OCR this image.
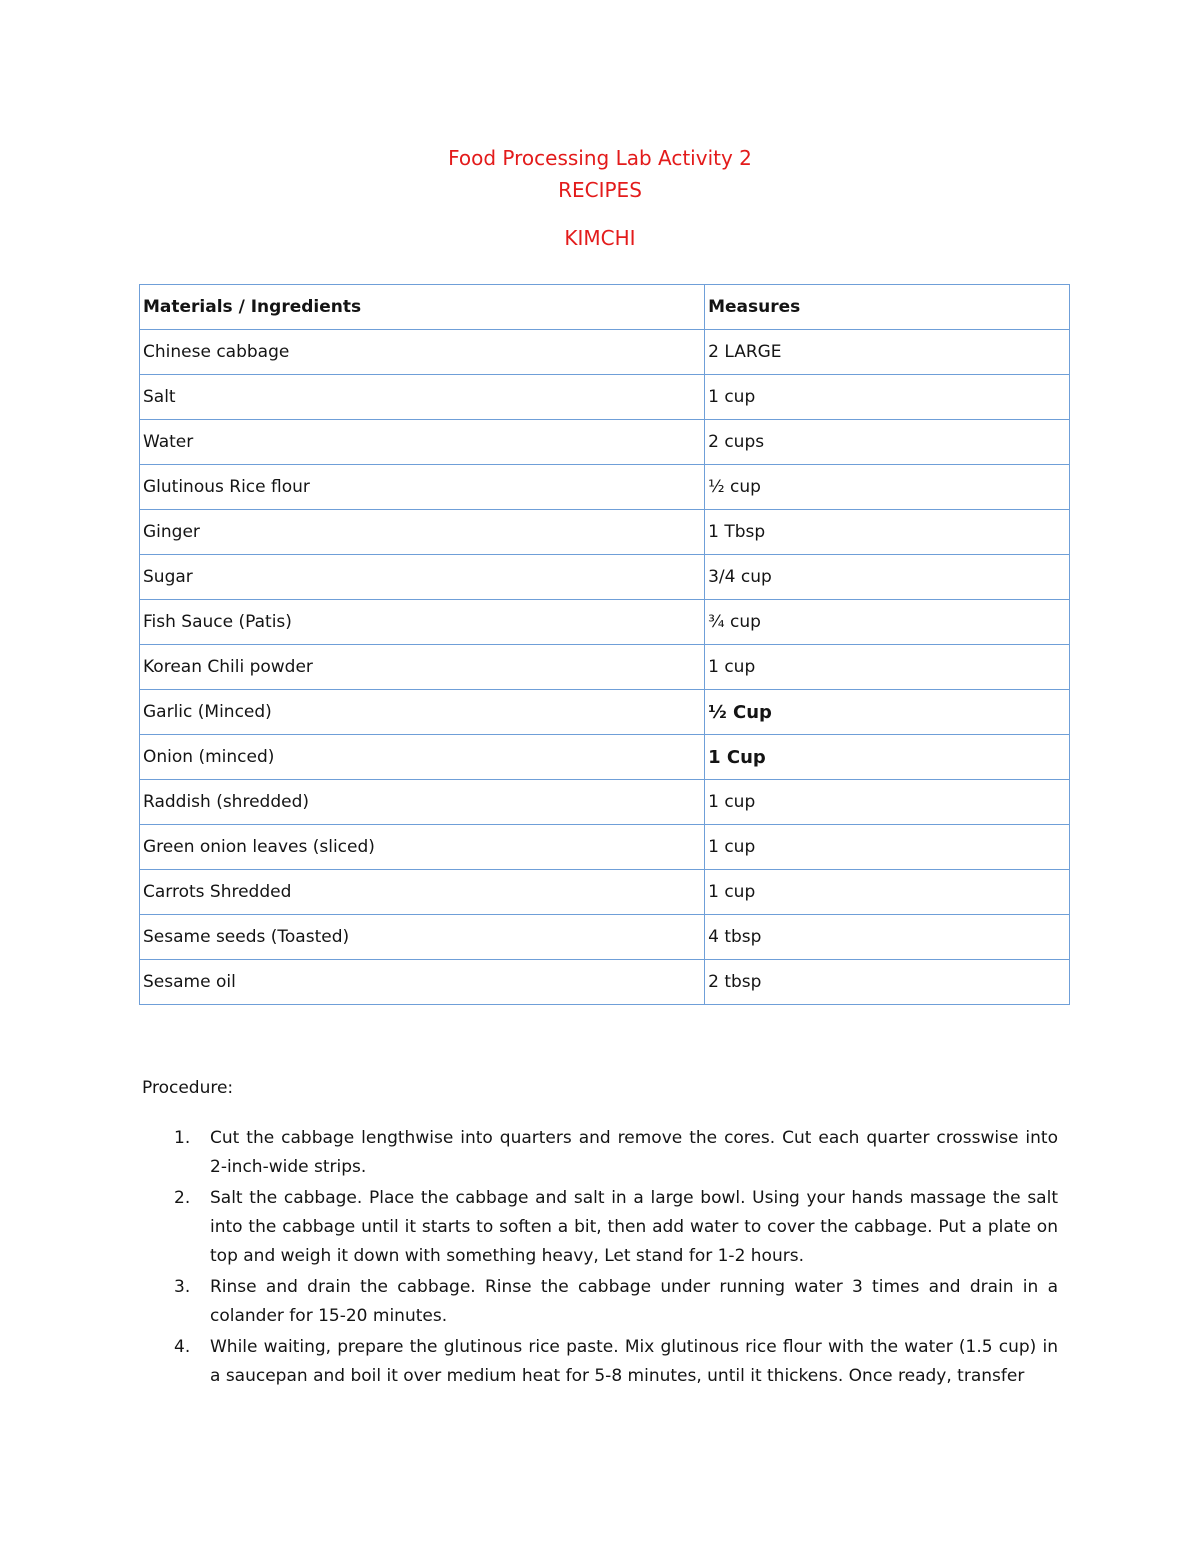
Food Processing Lab Activity 2
RECIPES
KIMCHI
Materials / Ingredients	Measures
Chinese cabbage	2 LARGE
Salt	1 cup
Water	2 cups
Glutinous Rice flour	½ cup
Ginger	1 Tbsp
Sugar	3/4 cup
Fish Sauce (Patis)	¾ cup
Korean Chili powder	1 cup
Garlic (Minced)	½ Cup
Onion (minced)	1 Cup
Raddish (shredded)	1 cup
Green onion leaves (sliced)	1 cup
Carrots Shredded	1 cup
Sesame seeds (Toasted)	4 tbsp
Sesame oil	2 tbsp
Procedure:
1.	Cut the cabbage lengthwise into quarters and remove the cores. Cut each quarter crosswise into 2-inch-wide strips.
2.	Salt the cabbage. Place the cabbage and salt in a large bowl. Using your hands massage the salt into the cabbage until it starts to soften a bit, then add water to cover the cabbage. Put a plate on top and weigh it down with something heavy, Let stand for 1-2 hours.
3.	Rinse and drain the cabbage. Rinse the cabbage under running water 3 times and drain in a colander for 15-20 minutes.
4.	While waiting, prepare the glutinous rice paste. Mix glutinous rice flour with the water (1.5 cup) in a saucepan and boil it over medium heat for 5-8 minutes, until it thickens. Once ready, transfer
